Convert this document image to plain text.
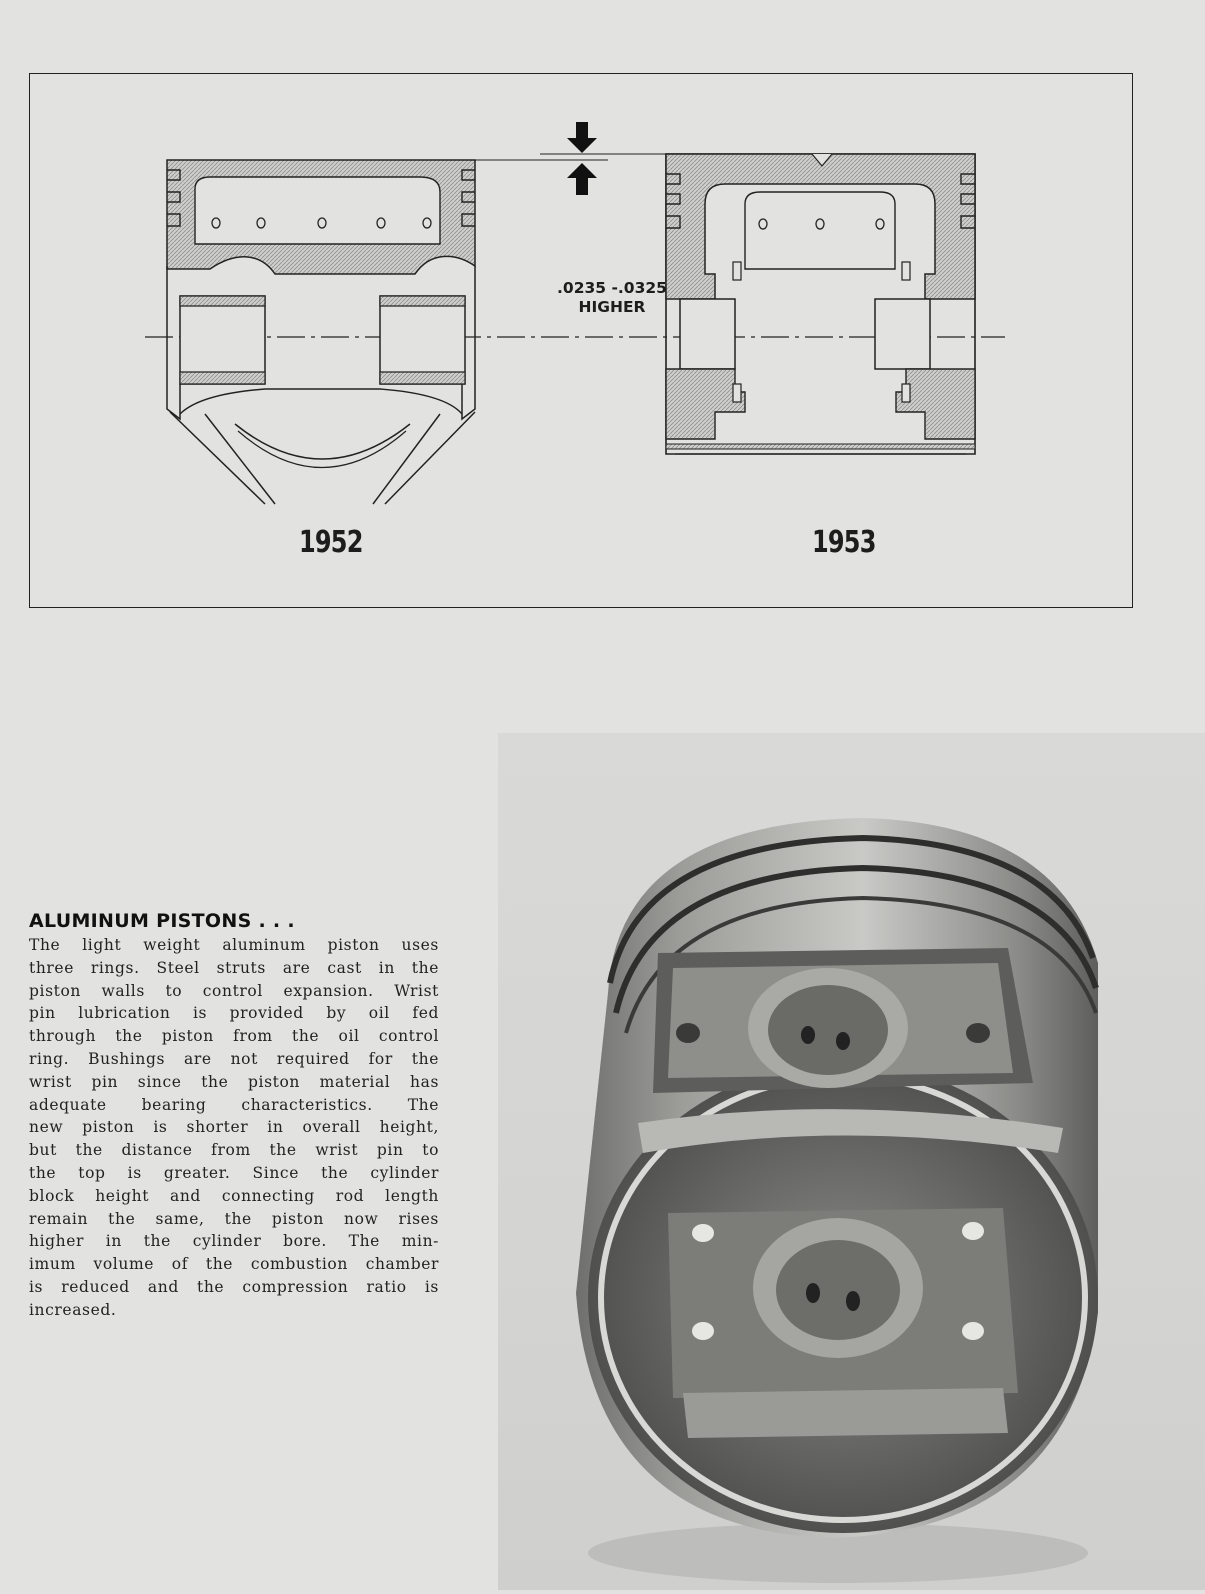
.0235 -.0325
HIGHER
1952	1953
ALUMINUM PISTONS . . .
The light weight aluminum piston uses
three rings. Steel struts are cast in the
piston walls to control expansion. Wrist
pin lubrication is provided by oil fed
through the piston from the oil control
ring. Bushings are not required for the
wrist pin since the piston material has
adequate bearing characteristics. The
new piston is shorter in overall height,
but the distance from the wrist pin to
the top is greater. Since the cylinder
block height and connecting rod length
remain the same, the piston now rises
higher in the cylinder bore. The min-
imum volume of the combustion chamber
is reduced and the compression ratio is
increased.
